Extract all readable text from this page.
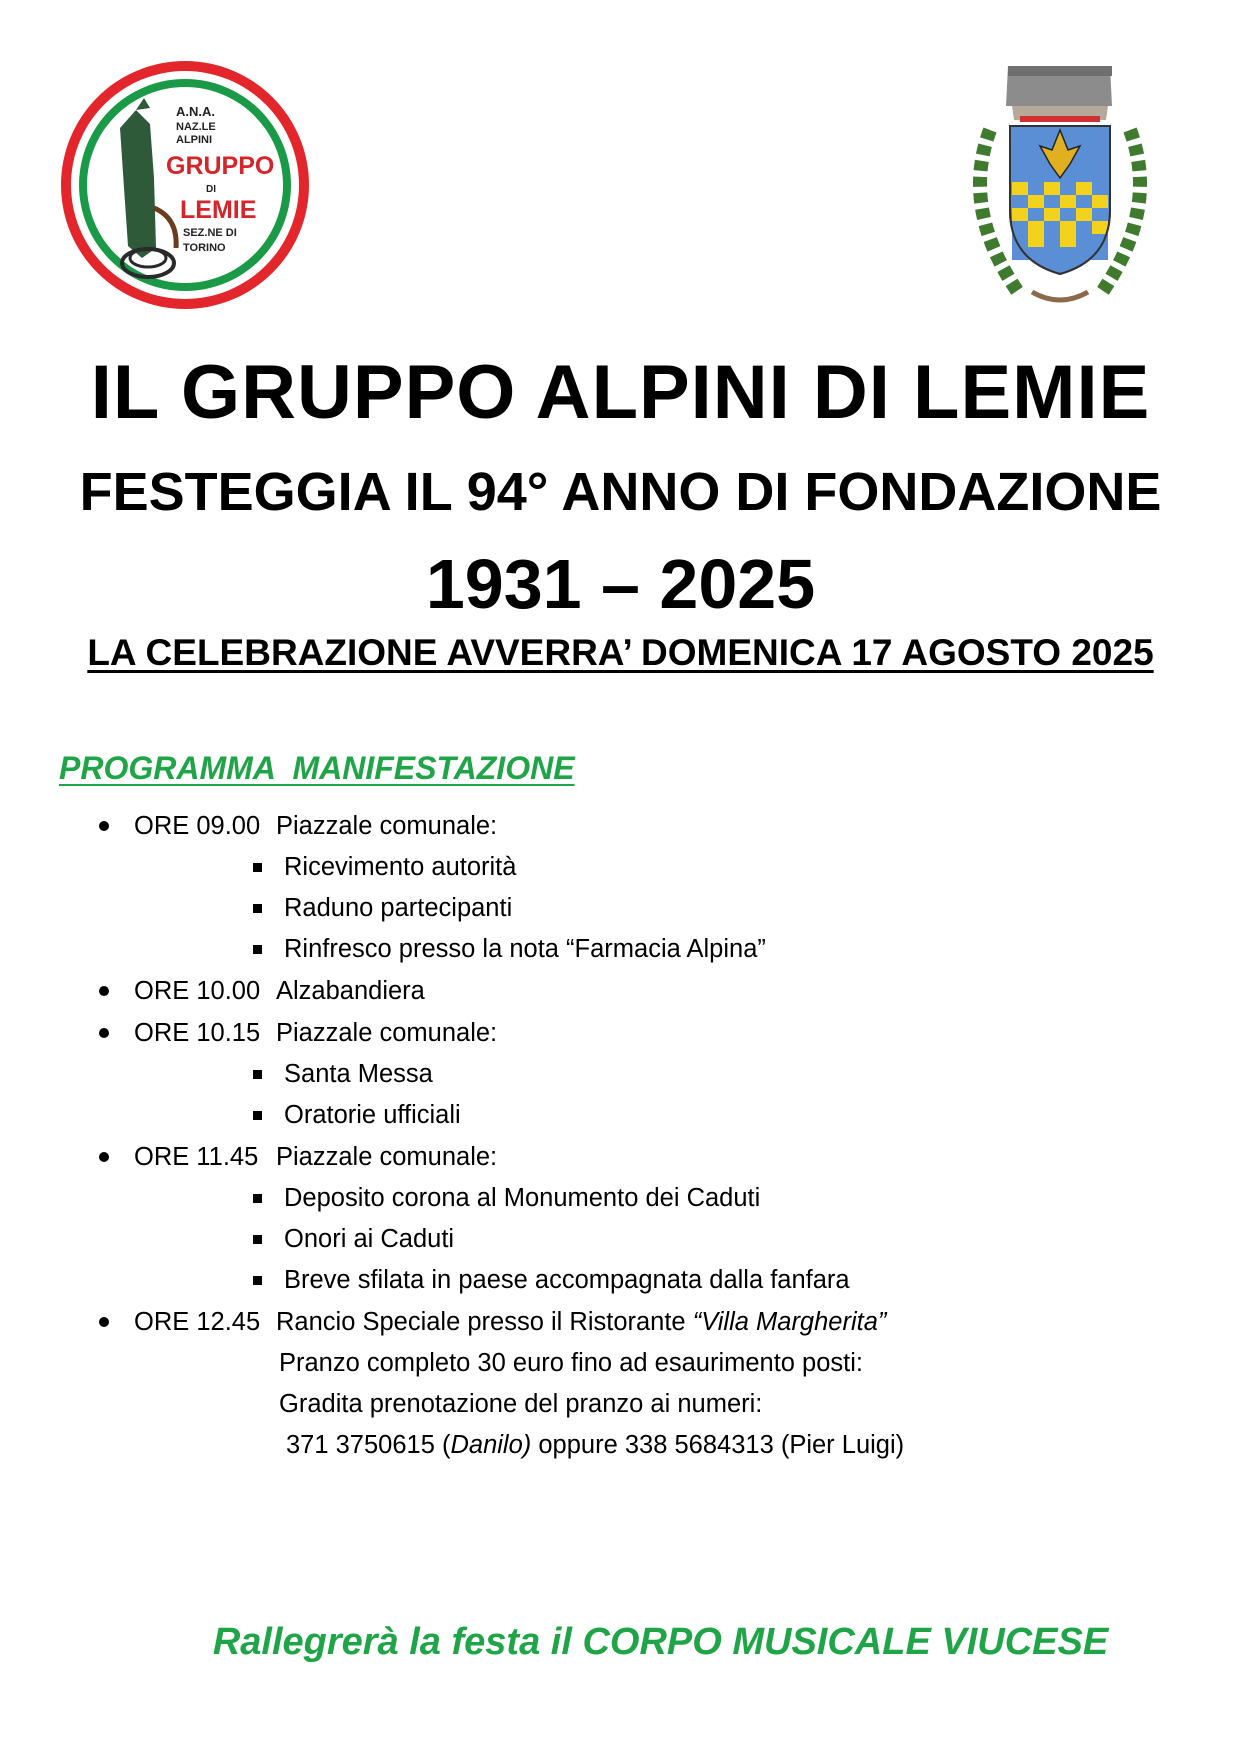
A.N.A.
NAZ.LE
ALPINI
GRUPPO
DI
LEMIE
SEZ.NE DI
TORINO
IL GRUPPO ALPINI DI LEMIE
FESTEGGIA IL 94° ANNO DI FONDAZIONE
1931 – 2025
LA CELEBRAZIONE AVVERRA’ DOMENICA 17 AGOSTO 2025
PROGRAMMA  MANIFESTAZIONE
ORE 09.00 Piazzale comunale:
Ricevimento autorità
Raduno partecipanti
Rinfresco presso la nota “Farmacia Alpina”
ORE 10.00 Alzabandiera
ORE 10.15 Piazzale comunale:
Santa Messa
Oratorie ufficiali
ORE 11.45 Piazzale comunale:
Deposito corona al Monumento dei Caduti
Onori ai Caduti
Breve sfilata in paese accompagnata dalla fanfara
ORE 12.45 Rancio Speciale presso il Ristorante “Villa Margherita”
Pranzo completo 30 euro fino ad esaurimento posti:
Gradita prenotazione del pranzo ai numeri:
371 3750615 (Danilo) oppure 338 5684313 (Pier Luigi)
Rallegrerà la festa il CORPO MUSICALE VIUCESE
